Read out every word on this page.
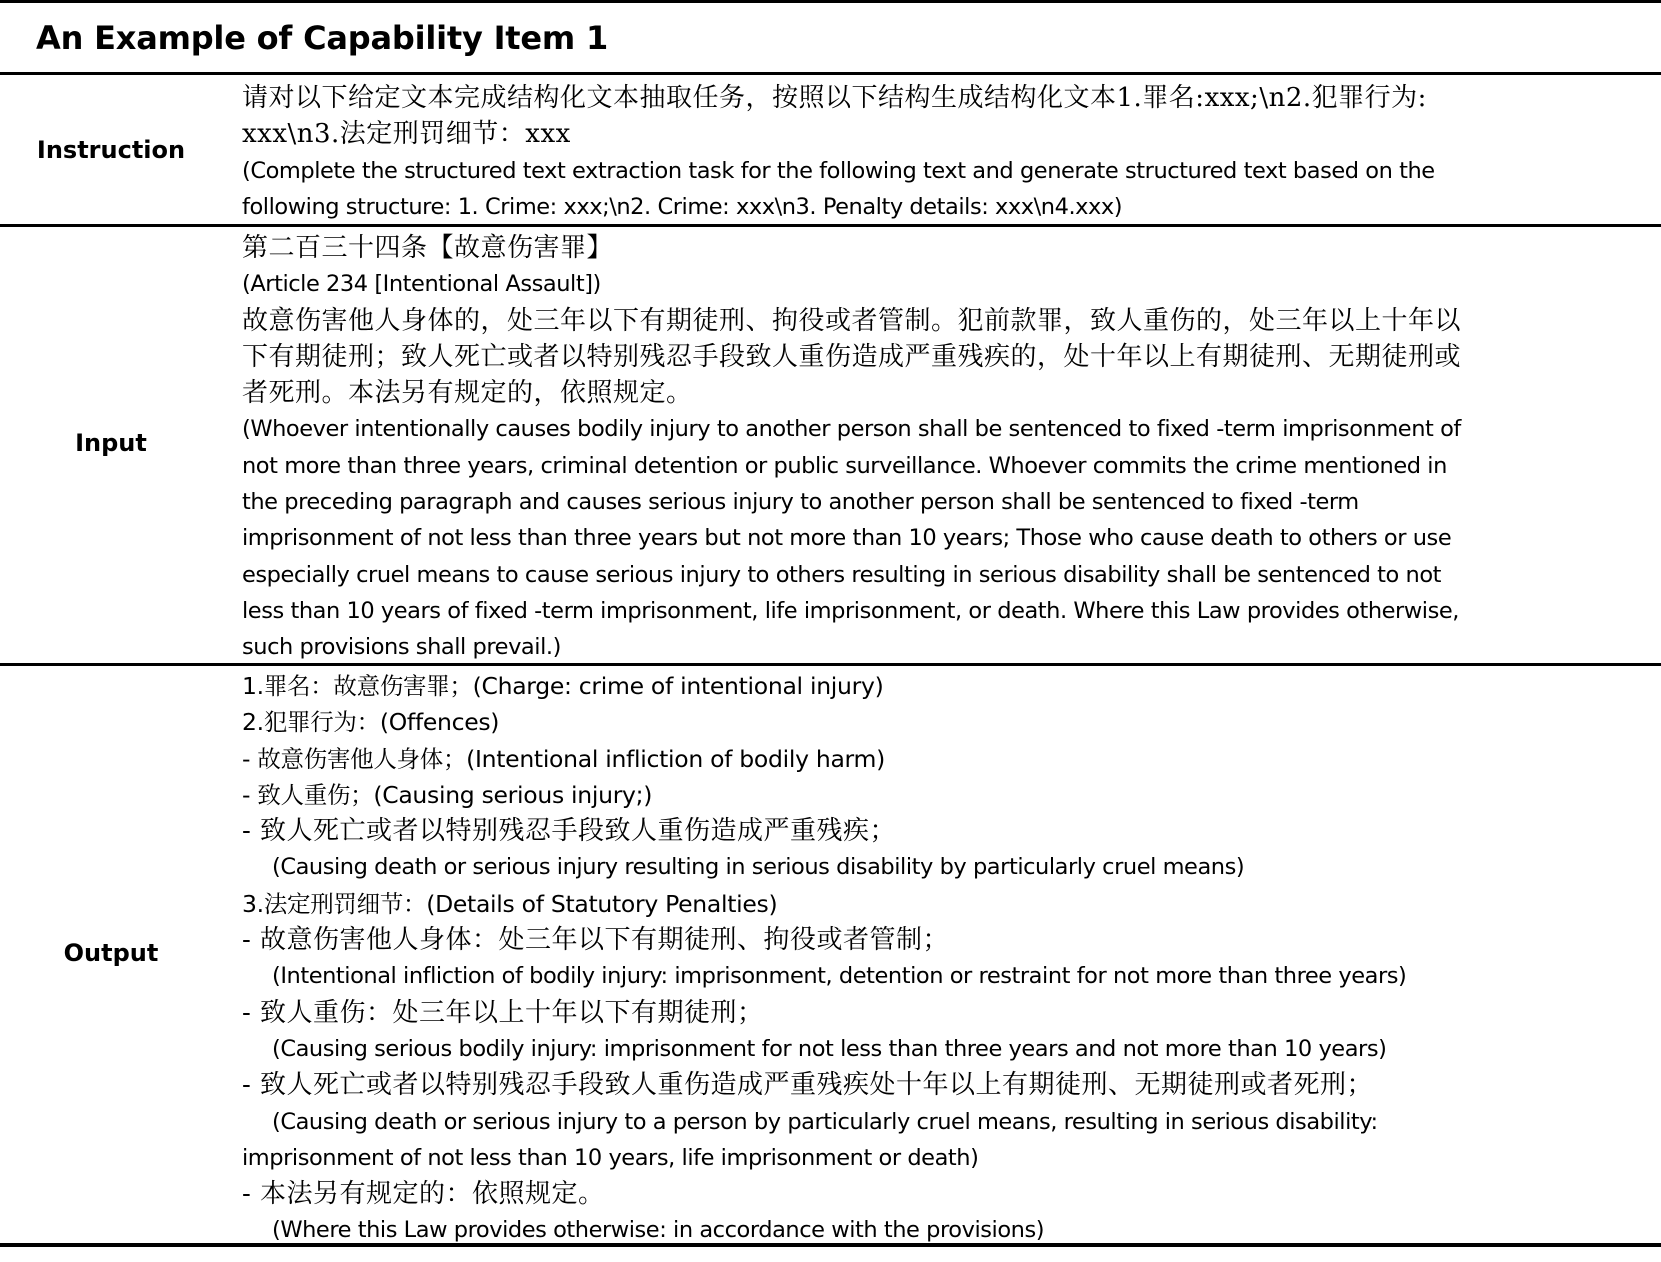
An Example of Capability Item 1
Instruction
请对以下给定文本完成结构化文本抽取任务，按照以下结构生成结构化文本1.罪名:xxx;\n2.犯罪行为:
xxx\n3.法定刑罚细节：xxx
(Complete the structured text extraction task for the following text and generate structured text based on the
following structure: 1. Crime: xxx;\n2. Crime: xxx\n3. Penalty details: xxx\n4.xxx)
Input
第二百三十四条【故意伤害罪】
(Article 234 [Intentional Assault])
故意伤害他人身体的，处三年以下有期徒刑、拘役或者管制。犯前款罪，致人重伤的，处三年以上十年以
下有期徒刑；致人死亡或者以特别残忍手段致人重伤造成严重残疾的，处十年以上有期徒刑、无期徒刑或
者死刑。本法另有规定的，依照规定。
(Whoever intentionally causes bodily injury to another person shall be sentenced to fixed -term imprisonment of
not more than three years, criminal detention or public surveillance. Whoever commits the crime mentioned in
the preceding paragraph and causes serious injury to another person shall be sentenced to fixed -term
imprisonment of not less than three years but not more than 10 years; Those who cause death to others or use
especially cruel means to cause serious injury to others resulting in serious disability shall be sentenced to not
less than 10 years of fixed -term imprisonment, life imprisonment, or death. Where this Law provides otherwise,
such provisions shall prevail.)
Output
1.罪名：故意伤害罪；(Charge: crime of intentional injury)
2.犯罪行为：(Offences)
- 故意伤害他人身体；(Intentional infliction of bodily harm)
- 致人重伤；(Causing serious injury;)
- 致人死亡或者以特别残忍手段致人重伤造成严重残疾；
(Causing death or serious injury resulting in serious disability by particularly cruel means)
3.法定刑罚细节：(Details of Statutory Penalties)
- 故意伤害他人身体：处三年以下有期徒刑、拘役或者管制；
(Intentional infliction of bodily injury: imprisonment, detention or restraint for not more than three years)
- 致人重伤：处三年以上十年以下有期徒刑；
(Causing serious bodily injury: imprisonment for not less than three years and not more than 10 years)
- 致人死亡或者以特别残忍手段致人重伤造成严重残疾处十年以上有期徒刑、无期徒刑或者死刑；
(Causing death or serious injury to a person by particularly cruel means, resulting in serious disability:
imprisonment of not less than 10 years, life imprisonment or death)
- 本法另有规定的：依照规定。
(Where this Law provides otherwise: in accordance with the provisions)
